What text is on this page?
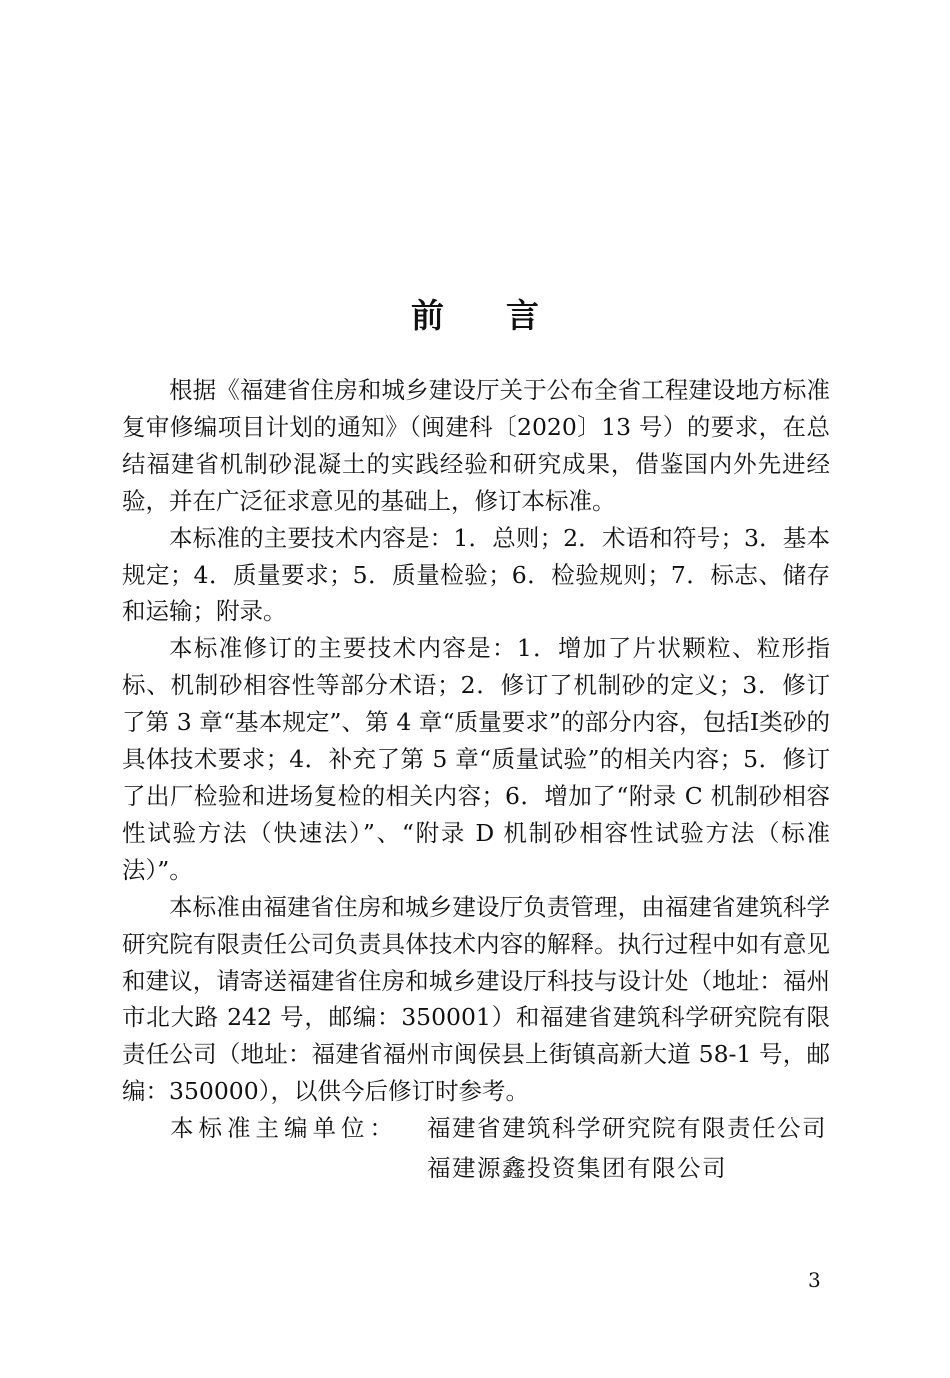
前言

根据《福建省住房和城乡建设厅关于公布全省工程建设地方标准复审修编项目计划的通知》（闽建科〔2020〕13 号）的要求，在总结福建省机制砂混凝土的实践经验和研究成果，借鉴国内外先进经验，并在广泛征求意见的基础上，修订本标准。

本标准的主要技术内容是：1．总则；2．术语和符号；3．基本规定；4．质量要求；5．质量检验；6．检验规则；7．标志、储存和运输；附录。

本标准修订的主要技术内容是：1．增加了片状颗粒、粒形指标、机制砂相容性等部分术语；2．修订了机制砂的定义；3．修订了第 3 章“基本规定”、第 4 章“质量要求”的部分内容，包括Ⅰ类砂的具体技术要求；4．补充了第 5 章“质量试验”的相关内容；5．修订了出厂检验和进场复检的相关内容；6．增加了“附录 C 机制砂相容性试验方法（快速法）”、“附录 D 机制砂相容性试验方法（标准法）”。

本标准由福建省住房和城乡建设厅负责管理，由福建省建筑科学研究院有限责任公司负责具体技术内容的解释。执行过程中如有意见和建议，请寄送福建省住房和城乡建设厅科技与设计处（地址：福州市北大路 242 号，邮编：350001）和福建省建筑科学研究院有限责任公司（地址：福建省福州市闽侯县上街镇高新大道 58-1 号，邮编：350000），以供今后修订时参考。

本标准主编单位：	福建省建筑科学研究院有限责任公司
福建源鑫投资集团有限公司
3
